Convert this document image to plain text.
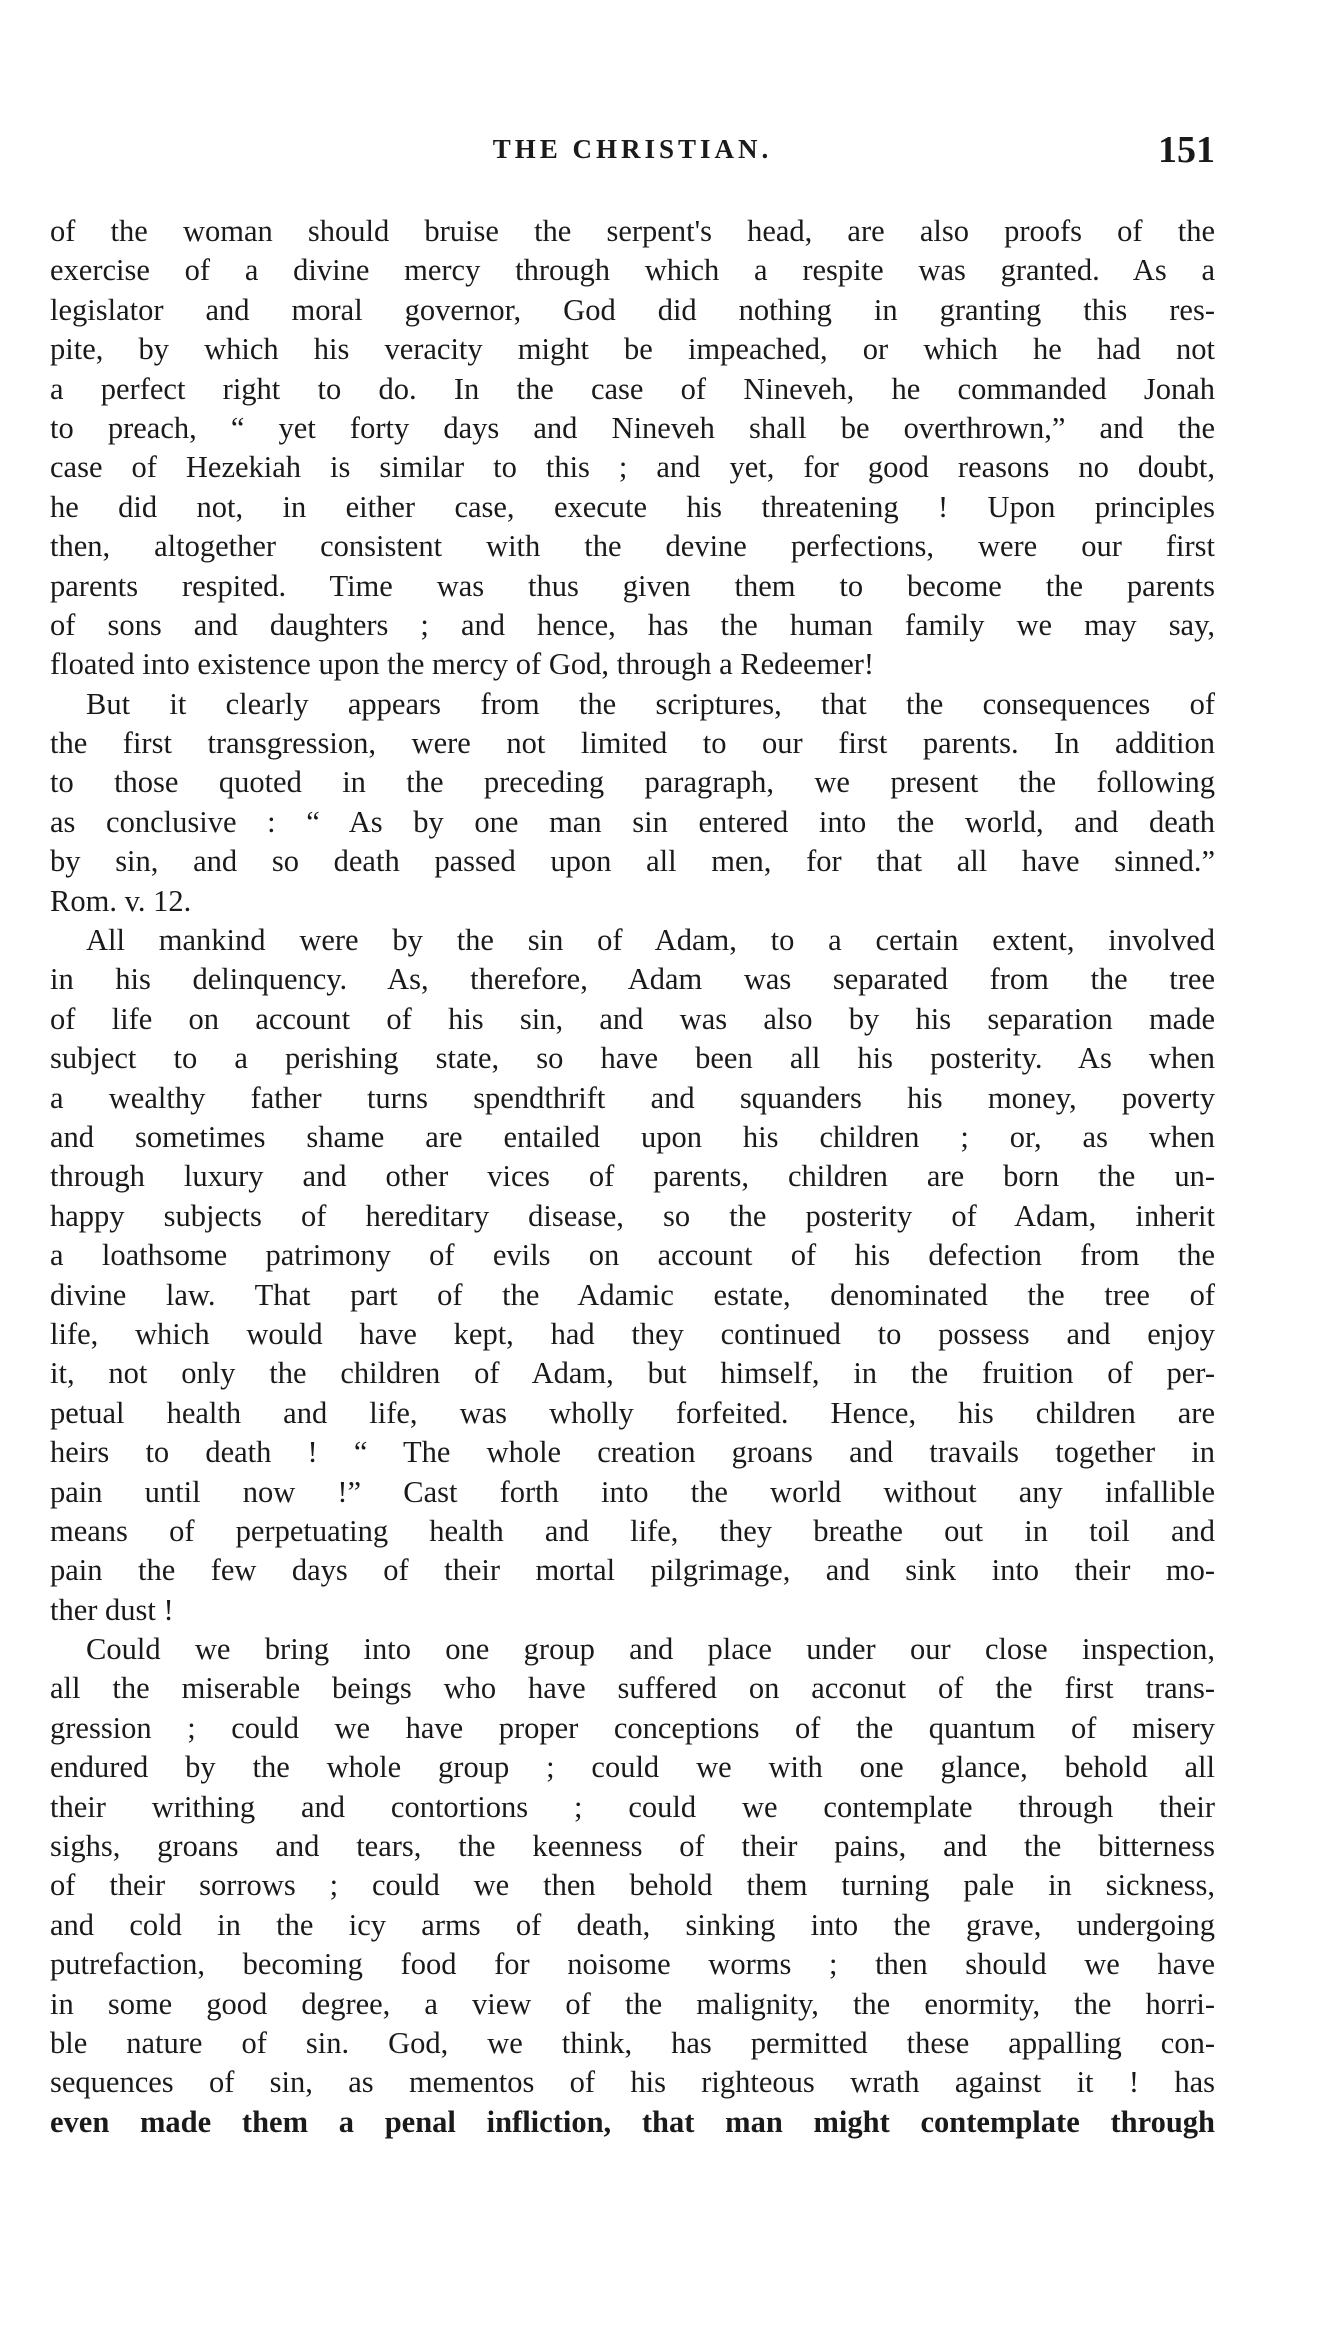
THE CHRISTIAN.	151
of the woman should bruise the serpent's head, are also proofs of the
exercise of a divine mercy through which a respite was granted. As a
legislator and moral governor, God did nothing in granting this res-
pite, by which his veracity might be impeached, or which he had not
a perfect right to do. In the case of Nineveh, he commanded Jonah
to preach, “ yet forty days and Nineveh shall be overthrown,” and the
case of Hezekiah is similar to this ; and yet, for good reasons no doubt,
he did not, in either case, execute his threatening ! Upon principles
then, altogether consistent with the devine perfections, were our first
parents respited. Time was thus given them to become the parents
of sons and daughters ; and hence, has the human family we may say,
floated into existence upon the mercy of God, through a Redeemer!
But it clearly appears from the scriptures, that the consequences of
the first transgression, were not limited to our first parents. In addition
to those quoted in the preceding paragraph, we present the following
as conclusive : “ As by one man sin entered into the world, and death
by sin, and so death passed upon all men, for that all have sinned.”
Rom. v. 12.
All mankind were by the sin of Adam, to a certain extent, involved
in his delinquency. As, therefore, Adam was separated from the tree
of life on account of his sin, and was also by his separation made
subject to a perishing state, so have been all his posterity. As when
a wealthy father turns spendthrift and squanders his money, poverty
and sometimes shame are entailed upon his children ; or, as when
through luxury and other vices of parents, children are born the un-
happy subjects of hereditary disease, so the posterity of Adam, inherit
a loathsome patrimony of evils on account of his defection from the
divine law. That part of the Adamic estate, denominated the tree of
life, which would have kept, had they continued to possess and enjoy
it, not only the children of Adam, but himself, in the fruition of per-
petual health and life, was wholly forfeited. Hence, his children are
heirs to death ! “ The whole creation groans and travails together in
pain until now !” Cast forth into the world without any infallible
means of perpetuating health and life, they breathe out in toil and
pain the few days of their mortal pilgrimage, and sink into their mo-
ther dust !
Could we bring into one group and place under our close inspection,
all the miserable beings who have suffered on acconut of the first trans-
gression ; could we have proper conceptions of the quantum of misery
endured by the whole group ; could we with one glance, behold all
their writhing and contortions ; could we contemplate through their
sighs, groans and tears, the keenness of their pains, and the bitterness
of their sorrows ; could we then behold them turning pale in sickness,
and cold in the icy arms of death, sinking into the grave, undergoing
putrefaction, becoming food for noisome worms ; then should we have
in some good degree, a view of the malignity, the enormity, the horri-
ble nature of sin. God, we think, has permitted these appalling con-
sequences of sin, as mementos of his righteous wrath against it ! has
even made them a penal infliction, that man might contemplate through
